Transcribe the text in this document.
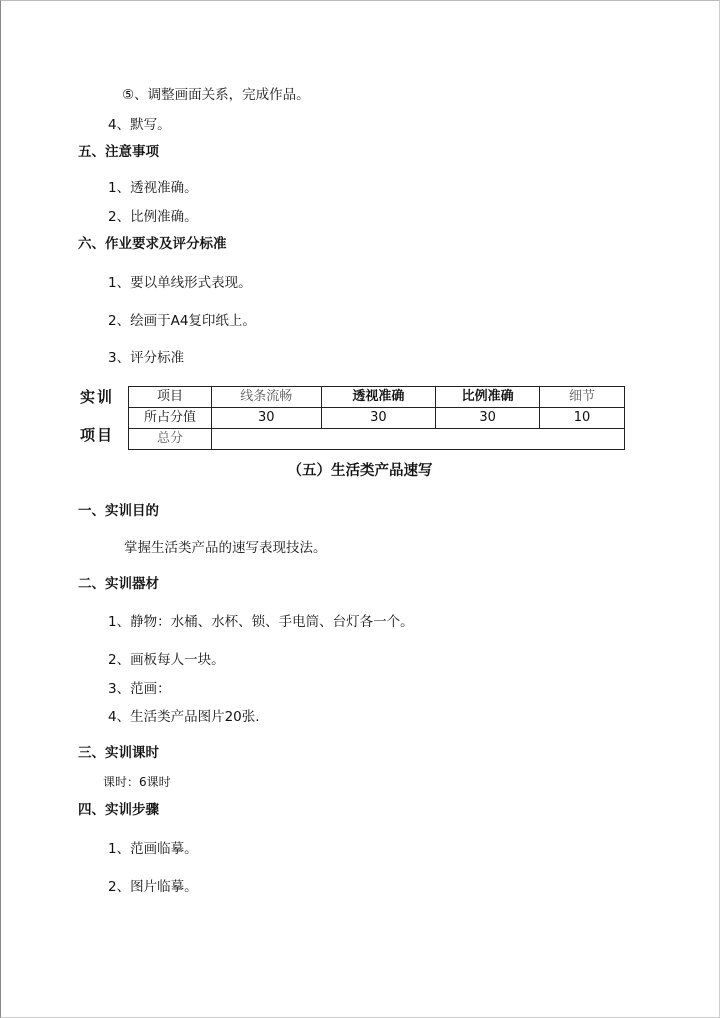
⑤、调整画面关系，完成作品。
4、默写。
五、注意事项
1、透视准确。
2、比例准确。
六、作业要求及评分标准
1、要以单线形式表现。
2、绘画于A4复印纸上。
3、评分标准
实训
项目
项目	线条流畅	透视准确	比例准确	细节
所占分值	30	30	30	10
总分				
（五）生活类产品速写
一、实训目的
掌握生活类产品的速写表现技法。
二、实训器材
1、静物：水桶、水杯、锁、手电筒、台灯各一个。
2、画板每人一块。
3、范画：
4、生活类产品图片20张.
三、实训课时
课时：6课时
四、实训步骤
1、范画临摹。
2、图片临摹。
